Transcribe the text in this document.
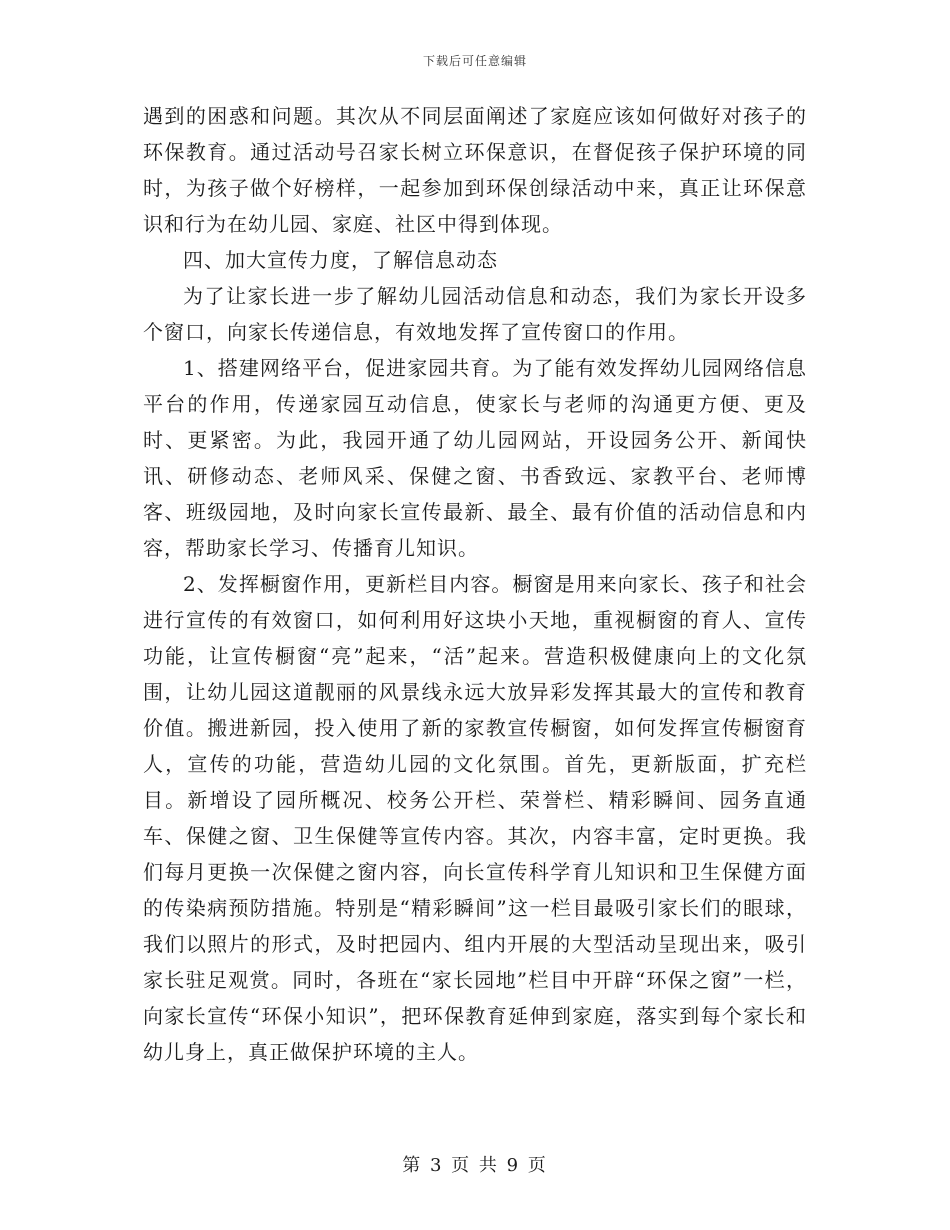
下载后可任意编辑

遇到的困惑和问题。其次从不同层面阐述了家庭应该如何做好对孩子的环保教育。通过活动号召家长树立环保意识，在督促孩子保护环境的同时，为孩子做个好榜样，一起参加到环保创绿活动中来，真正让环保意识和行为在幼儿园、家庭、社区中得到体现。

四、加大宣传力度，了解信息动态

为了让家长进一步了解幼儿园活动信息和动态，我们为家长开设多个窗口，向家长传递信息，有效地发挥了宣传窗口的作用。

1、搭建网络平台，促进家园共育。为了能有效发挥幼儿园网络信息平台的作用，传递家园互动信息，使家长与老师的沟通更方便、更及时、更紧密。为此，我园开通了幼儿园网站，开设园务公开、新闻快讯、研修动态、老师风采、保健之窗、书香致远、家教平台、老师博客、班级园地，及时向家长宣传最新、最全、最有价值的活动信息和内容，帮助家长学习、传播育儿知识。

2、发挥橱窗作用，更新栏目内容。橱窗是用来向家长、孩子和社会进行宣传的有效窗口，如何利用好这块小天地，重视橱窗的育人、宣传功能，让宣传橱窗“亮”起来，“活”起来。营造积极健康向上的文化氛围，让幼儿园这道靓丽的风景线永远大放异彩发挥其最大的宣传和教育价值。搬进新园，投入使用了新的家教宣传橱窗，如何发挥宣传橱窗育人，宣传的功能，营造幼儿园的文化氛围。首先，更新版面，扩充栏目。新增设了园所概况、校务公开栏、荣誉栏、精彩瞬间、园务直通车、保健之窗、卫生保健等宣传内容。其次，内容丰富，定时更换。我们每月更换一次保健之窗内容，向长宣传科学育儿知识和卫生保健方面的传染病预防措施。特别是“精彩瞬间”这一栏目最吸引家长们的眼球，我们以照片的形式，及时把园内、组内开展的大型活动呈现出来，吸引家长驻足观赏。同时，各班在“家长园地”栏目中开辟“环保之窗”一栏，向家长宣传“环保小知识”，把环保教育延伸到家庭，落实到每个家长和幼儿身上，真正做保护环境的主人。

第 3 页 共 9 页
